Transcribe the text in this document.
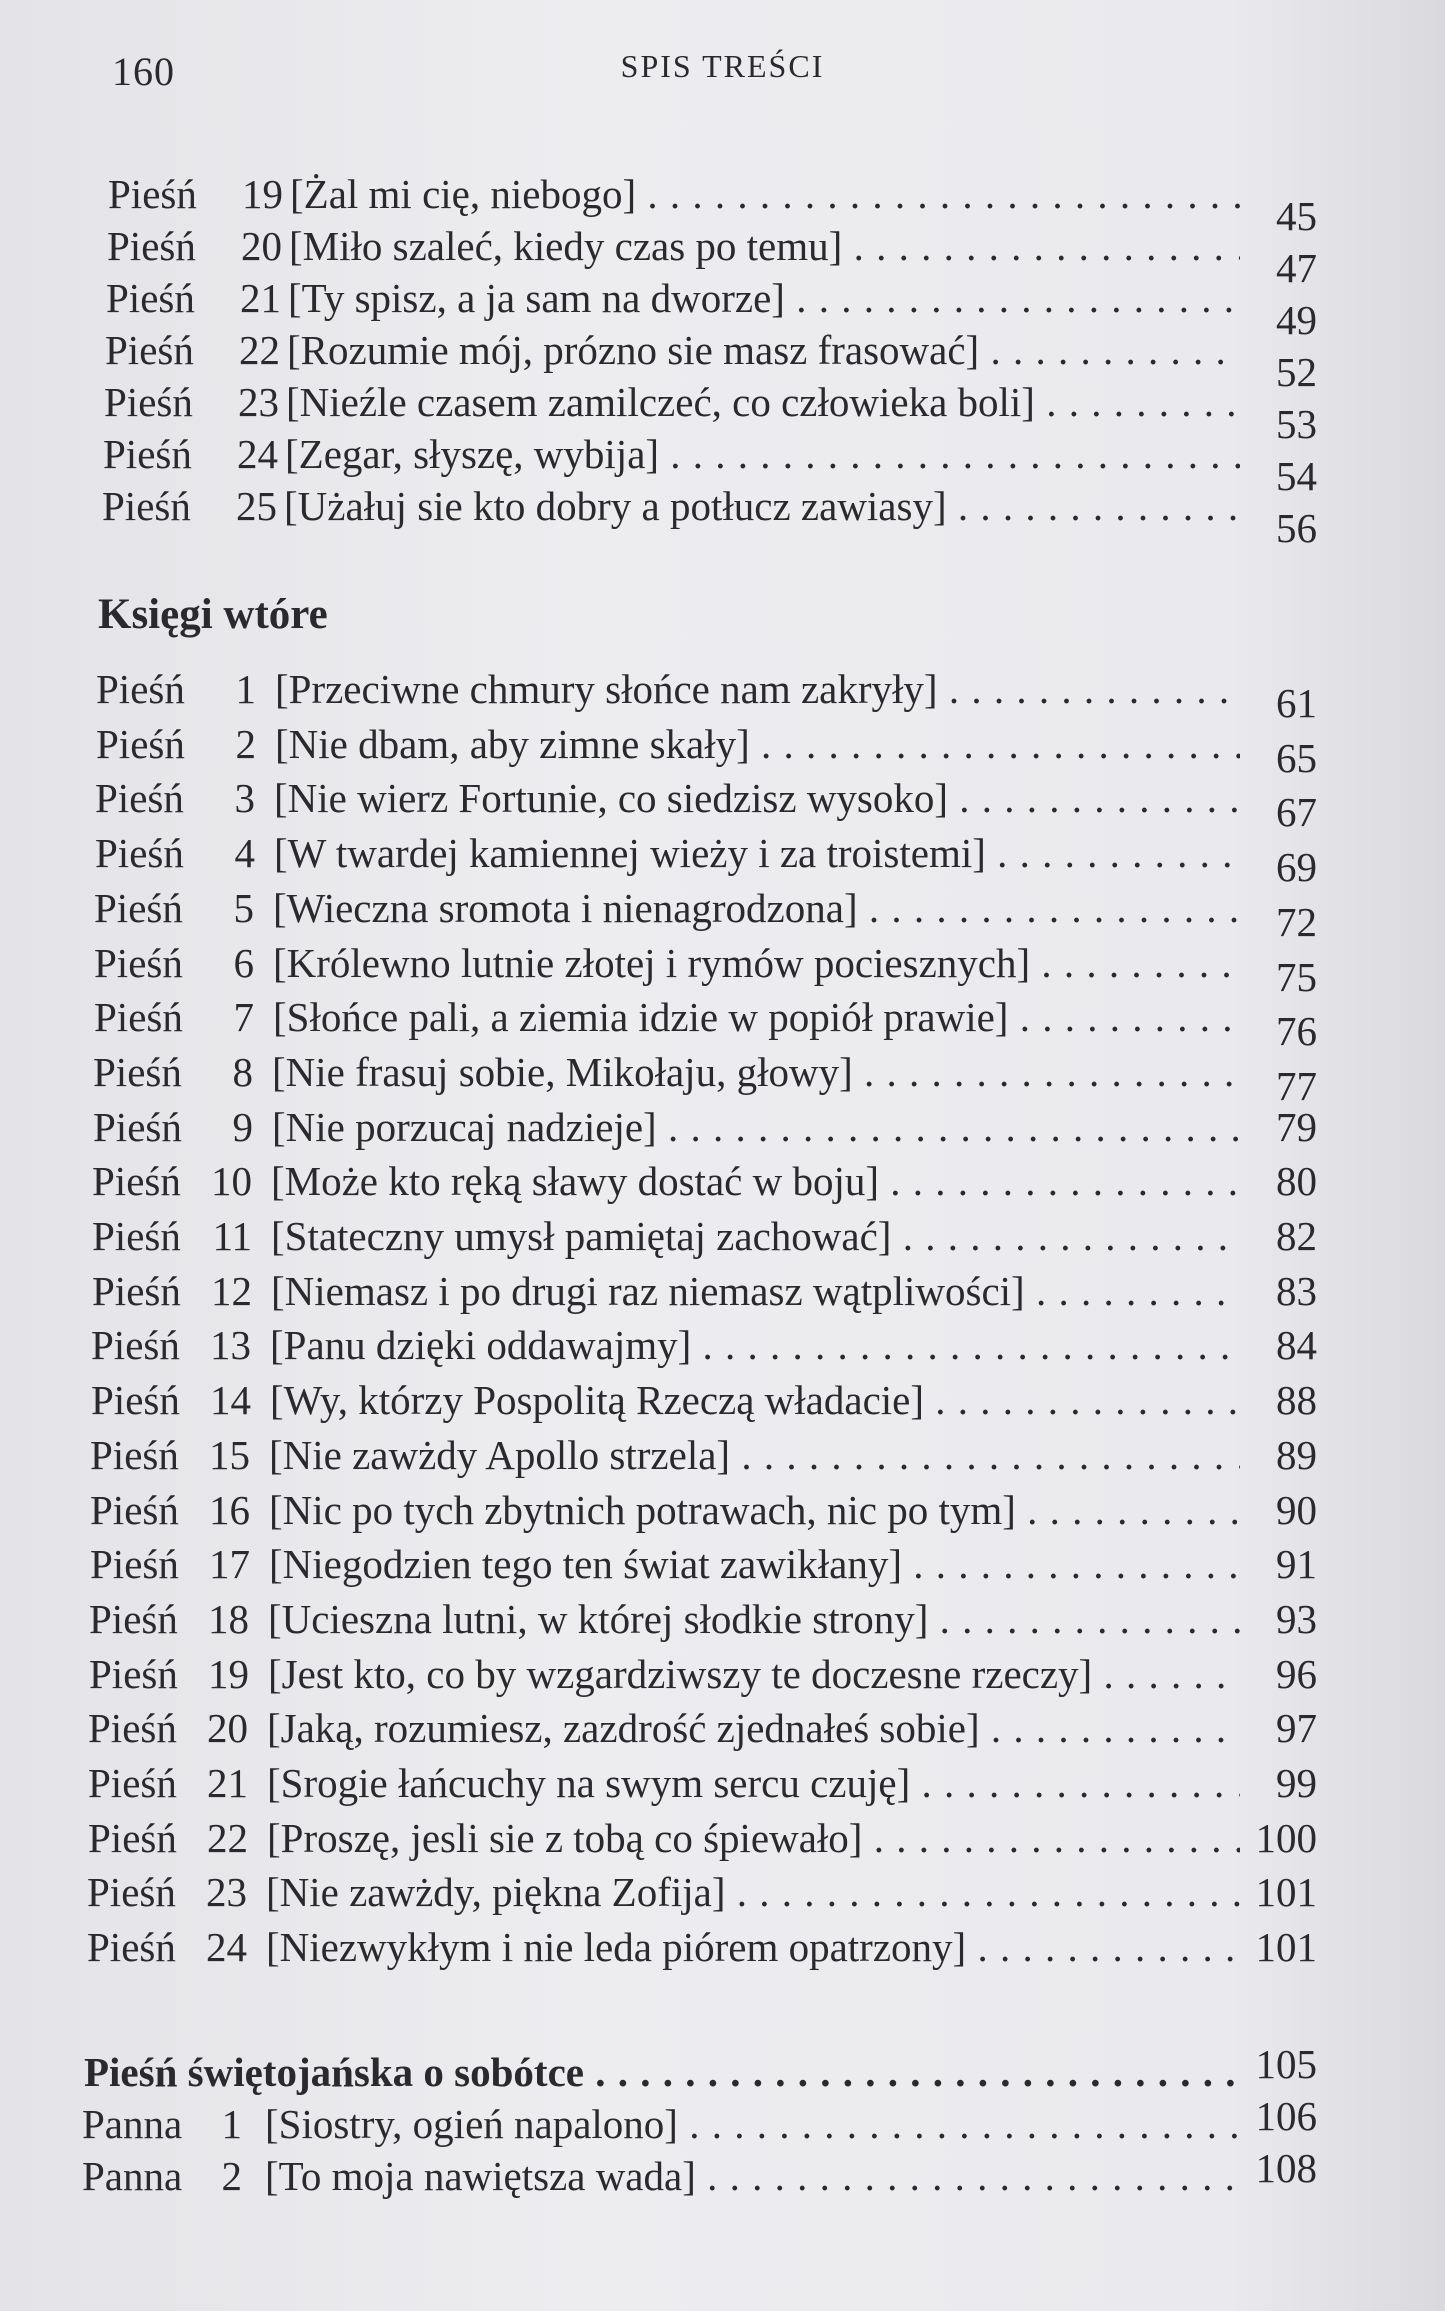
160	SPIS TREŚCI
Pieśń 19 [Żal mi cię, niebogo] . . .	45
Pieśń 20 [Miło szaleć, kiedy czas po temu] . . .	47
Pieśń 21 [Ty spisz, a ja sam na dworze] . . .	49
Pieśń 22 [Rozumie mój, prózno sie masz frasować] . . .	52
Pieśń 23 [Nieźle czasem zamilczeć, co człowieka boli] . . .	53
Pieśń 24 [Zegar, słyszę, wybija] . . .	54
Pieśń 25 [Użałuj sie kto dobry a potłucz zawiasy] . . .	56
Księgi wtóre
Pieśń 1 [Przeciwne chmury słońce nam zakryły] . . .	61
Pieśń 2 [Nie dbam, aby zimne skały] . . .	65
Pieśń 3 [Nie wierz Fortunie, co siedzisz wysoko] . . .	67
Pieśń 4 [W twardej kamiennej wieży i za troistemi] . . .	69
Pieśń 5 [Wieczna sromota i nienagrodzona] . . .	72
Pieśń 6 [Królewno lutnie złotej i rymów pociesznych] . . .	75
Pieśń 7 [Słońce pali, a ziemia idzie w popiół prawie] . . .	76
Pieśń 8 [Nie frasuj sobie, Mikołaju, głowy] . . .	77
Pieśń 9 [Nie porzucaj nadzieje] . . .	79
Pieśń 10 [Może kto ręką sławy dostać w boju] . . .	80
Pieśń 11 [Stateczny umysł pamiętaj zachować] . . .	82
Pieśń 12 [Niemasz i po drugi raz niemasz wątpliwości] . . .	83
Pieśń 13 [Panu dzięki oddawajmy] . . .	84
Pieśń 14 [Wy, którzy Pospolitą Rzeczą władacie] . . .	88
Pieśń 15 [Nie zawżdy Apollo strzela] . . .	89
Pieśń 16 [Nic po tych zbytnich potrawach, nic po tym] . . .	90
Pieśń 17 [Niegodzien tego ten świat zawikłany] . . .	91
Pieśń 18 [Uciesznа lutni, w której słodkie strony] . . .	93
Pieśń 19 [Jest kto, co by wzgardziwszy te doczesne rzeczy] . . .	96
Pieśń 20 [Jaką, rozumiesz, zazdrość zjednałeś sobie] . . .	97
Pieśń 21 [Srogie łańcuchy na swym sercu czuję] . . .	99
Pieśń 22 [Proszę, jesli sie z tobą co śpiewało] . . .	100
Pieśń 23 [Nie zawżdy, piękna Zofija] . . .	101
Pieśń 24 [Niezwykłym i nie leda piórem opatrzony] . . .	101
Pieśń świętojańska o sobótce . . .	105
Panna 1 [Siostry, ogień napalono] . . .	106
Panna 2 [To moja nawiętsza wada] . . .	108
